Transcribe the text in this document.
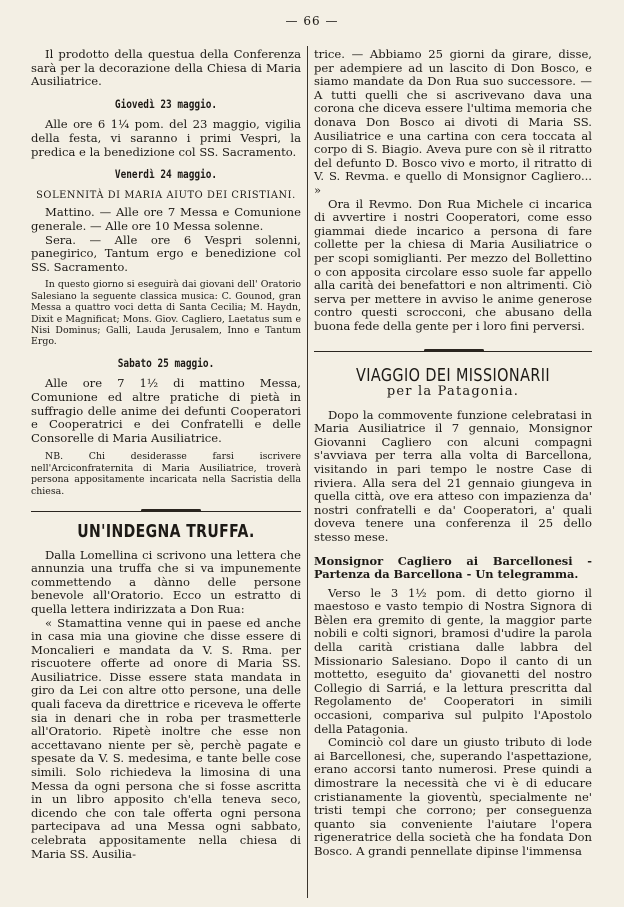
— 66 —

Il prodotto della questua della Conferenza sarà per la decorazione della Chiesa di Maria Ausiliatrice.

Giovedì 23 maggio.

Alle ore 6 1¼ pom. del 23 maggio, vigilia della festa, vi saranno i primi Vespri, la predica e la benedizione col SS. Sacramento.

Venerdì 24 maggio.
SOLENNITÀ DI MARIA AIUTO DEI CRISTIANI.

Mattino. — Alle ore 7 Messa e Comunione generale. — Alle ore 10 Messa solenne.

Sera. — Alle ore 6 Vespri solenni, panegirico, Tantum ergo e benedizione col SS. Sacramento.

In questo giorno si eseguirà dai giovani dell' Oratorio Salesiano la seguente classica musica: C. Gounod, gran Messa a quattro voci detta di Santa Cecilia; M. Haydn, Dixit e Magnificat; Mons. Giov. Cagliero, Laetatus sum e Nisi Dominus; Galli, Lauda Jerusalem, Inno e Tantum Ergo.

Sabato 25 maggio.

Alle ore 7 1½ di mattino Messa, Comunione ed altre pratiche di pietà in suffragio delle anime dei defunti Cooperatori e Cooperatrici e dei Confratelli e delle Consorelle di Maria Ausiliatrice.

NB. Chi desiderasse farsi iscrivere nell'Arciconfraternita di Maria Ausiliatrice, troverà persona appositamente incaricata nella Sacristia della chiesa.

UN'INDEGNA TRUFFA.

Dalla Lomellina ci scrivono una lettera che annunzia una truffa che si va impunemente commettendo a dànno delle persone benevole all'Oratorio. Ecco un estratto di quella lettera indirizzata a Don Rua:

« Stamattina venne qui in paese ed anche in casa mia una giovine che disse essere di Moncalieri e mandata da V. S. Rma. per riscuotere offerte ad onore di Maria SS. Ausiliatrice. Disse essere stata mandata in giro da Lei con altre otto persone, una delle quali faceva da direttrice e riceveva le offerte sia in denari che in roba per trasmetterle all'Oratorio. Ripetè inoltre che esse non accettavano niente per sè, perchè pagate e spesate da V. S. medesima, e tante belle cose simili. Solo richiedeva la limosina di una Messa da ogni persona che si fosse ascritta in un libro apposito ch'ella teneva seco, dicendo che con tale offerta ogni persona partecipava ad una Messa ogni sabbato, celebrata appositamente nella chiesa di Maria SS. Ausilia-

trice. — Abbiamo 25 giorni da girare, disse, per adempiere ad un lascito di Don Bosco, e siamo mandate da Don Rua suo successore. — A tutti quelli che si ascrivevano dava una corona che diceva essere l'ultima memoria che donava Don Bosco ai divoti di Maria SS. Ausiliatrice e una cartina con cera toccata al corpo di S. Biagio. Aveva pure con sè il ritratto del defunto D. Bosco vivo e morto, il ritratto di V. S. Revma. e quello di Monsignor Cagliero... »

Ora il Revmo. Don Rua Michele ci incarica di avvertire i nostri Cooperatori, come esso giammai diede incarico a persona di fare collette per la chiesa di Maria Ausiliatrice o per scopi somiglianti. Per mezzo del Bollettino o con apposita circolare esso suole far appello alla carità dei benefattori e non altrimenti. Ciò serva per mettere in avviso le anime generose contro questi scrocconi, che abusano della buona fede della gente per i loro fini perversi.

VIAGGIO DEI MISSIONARII
per la Patagonia.

Dopo la commovente funzione celebratasi in Maria Ausiliatrice il 7 gennaio, Monsignor Giovanni Cagliero con alcuni compagni s'avviava per terra alla volta di Barcellona, visitando in pari tempo le nostre Case di riviera. Alla sera del 21 gennaio giungeva in quella città, ove era atteso con impazienza da' nostri confratelli e da' Cooperatori, a' quali doveva tenere una conferenza il 25 dello stesso mese.

Monsignor Cagliero ai Barcellonesi - Partenza da Barcellona - Un telegramma.

Verso le 3 1½ pom. di detto giorno il maestoso e vasto tempio di Nostra Signora di Bèlen era gremito di gente, la maggior parte nobili e colti signori, bramosi d'udire la parola della carità cristiana dalle labbra del Missionario Salesiano. Dopo il canto di un mottetto, eseguito da' giovanetti del nostro Collegio di Sarriá, e la lettura prescritta dal Regolamento de' Cooperatori in simili occasioni, compariva sul pulpito l'Apostolo della Patagonia.

Cominciò col dare un giusto tributo di lode ai Barcellonesi, che, superando l'aspettazione, erano accorsi tanto numerosi. Prese quindi a dimostrare la necessità che vi è di educare cristianamente la gioventù, specialmente ne' tristi tempi che corrono; per conseguenza quanto sia conveniente l'aiutare l'opera rigeneratrice della società che ha fondata Don Bosco. A grandi pennellate dipinse l'immensa
